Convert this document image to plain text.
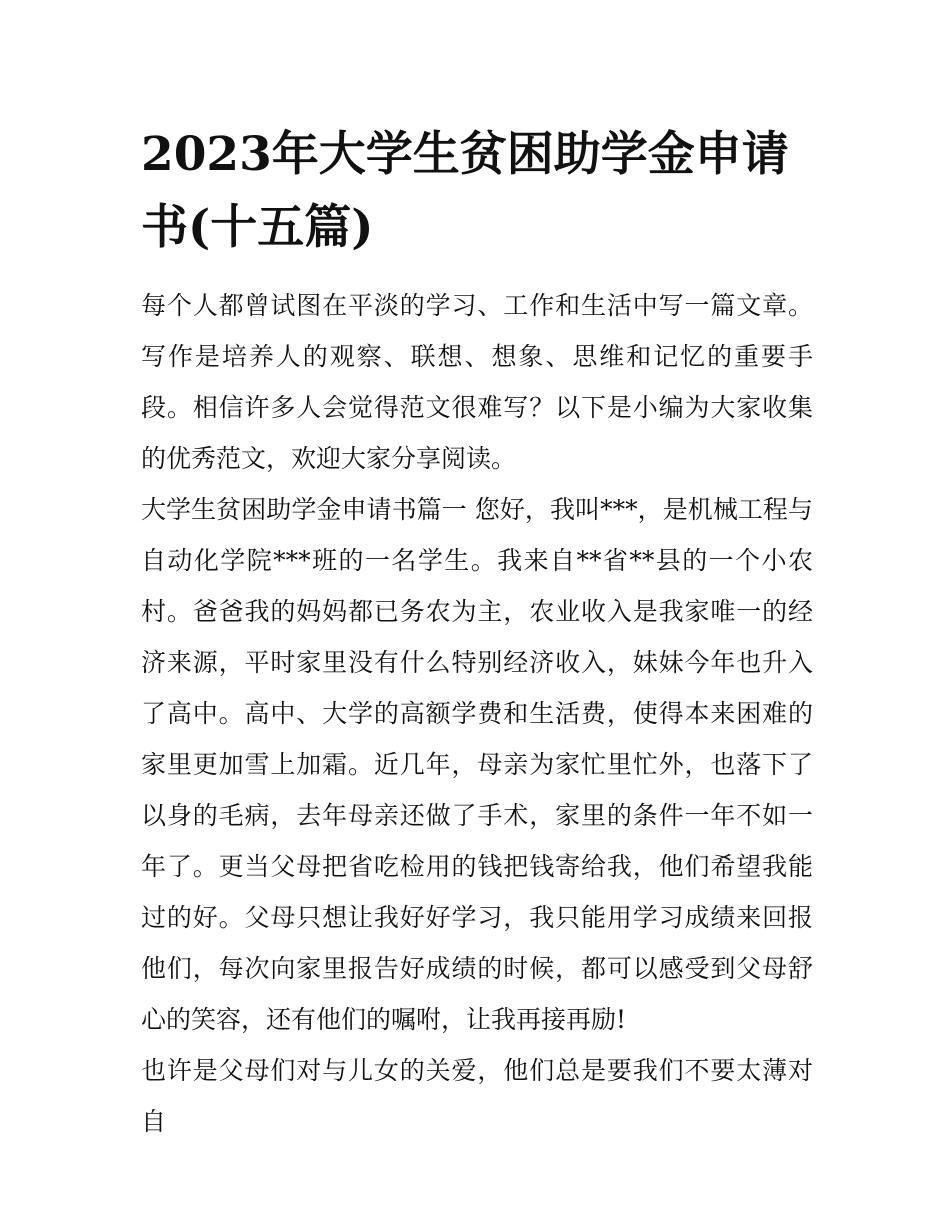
2023年大学生贫困助学金申请书(十五篇)

每个人都曾试图在平淡的学习、工作和生活中写一篇文章。写作是培养人的观察、联想、想象、思维和记忆的重要手段。相信许多人会觉得范文很难写？以下是小编为大家收集的优秀范文，欢迎大家分享阅读。

大学生贫困助学金申请书篇一 您好，我叫***，是机械工程与自动化学院***班的一名学生。我来自**省**县的一个小农村。爸爸我的妈妈都已务农为主，农业收入是我家唯一的经济来源，平时家里没有什么特别经济收入，妹妹今年也升入了高中。高中、大学的高额学费和生活费，使得本来困难的家里更加雪上加霜。近几年，母亲为家忙里忙外，也落下了以身的毛病，去年母亲还做了手术，家里的条件一年不如一年了。更当父母把省吃检用的钱把钱寄给我，他们希望我能过的好。父母只想让我好好学习，我只能用学习成绩来回报他们，每次向家里报告好成绩的时候，都可以感受到父母舒心的笑容，还有他们的嘱咐，让我再接再励!

也许是父母们对与儿女的关爱，他们总是要我们不要太薄对自
